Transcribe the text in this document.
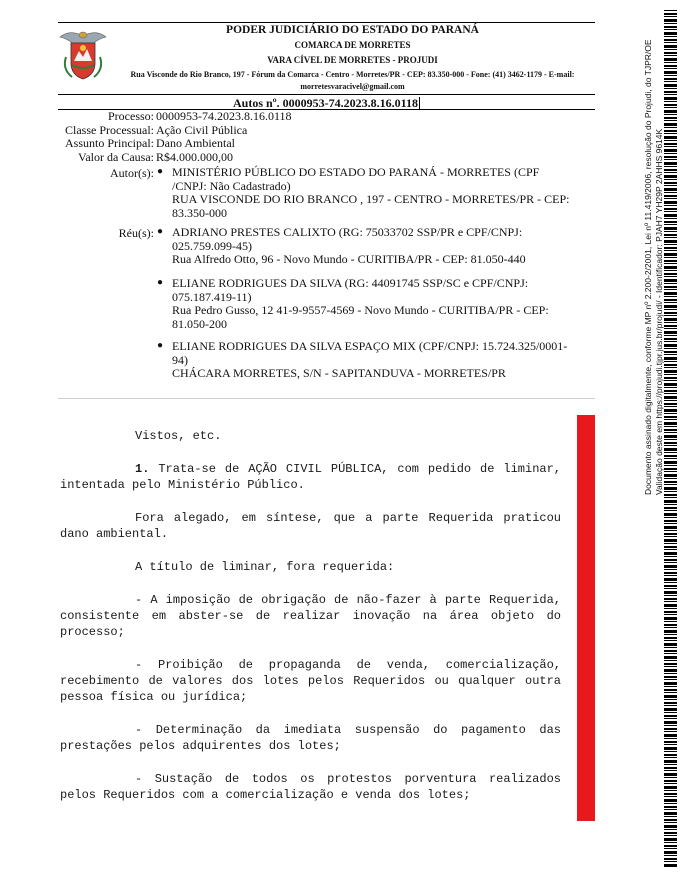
PODER JUDICIÁRIO DO ESTADO DO PARANÁ
COMARCA DE MORRETES
VARA CÍVEL DE MORRETES - PROJUDI
Rua Visconde do Rio Branco, 197 - Fórum da Comarca - Centro - Morretes/PR - CEP: 83.350-000 - Fone: (41) 3462-1179 - E-mail:
morretesvaracivel@gmail.com
Autos nº. 0000953-74.2023.8.16.0118
Processo: 0000953-74.2023.8.16.0118
Classe Processual: Ação Civil Pública
Assunto Principal: Dano Ambiental
Valor da Causa: R$4.000.000,00
Autor(s): ● MINISTÉRIO PÚBLICO DO ESTADO DO PARANÁ - MORRETES (CPF
/CNPJ: Não Cadastrado)
RUA VISCONDE DO RIO BRANCO , 197 - CENTRO - MORRETES/PR - CEP:
83.350-000
Réu(s): ● ADRIANO PRESTES CALIXTO (RG: 75033702 SSP/PR e CPF/CNPJ:
025.759.099-45)
Rua Alfredo Otto, 96 - Novo Mundo - CURITIBA/PR - CEP: 81.050-440
● ELIANE RODRIGUES DA SILVA (RG: 44091745 SSP/SC e CPF/CNPJ:
075.187.419-11)
Rua Pedro Gusso, 12 41-9-9557-4569 - Novo Mundo - CURITIBA/PR - CEP:
81.050-200
● ELIANE RODRIGUES DA SILVA ESPAÇO MIX (CPF/CNPJ: 15.724.325/0001-
94)
CHÁCARA MORRETES, S/N - SAPITANDUVA - MORRETES/PR

Vistos, etc.

1. Trata-se de AÇÃO CIVIL PÚBLICA, com pedido de liminar, intentada pelo Ministério Público.

Fora alegado, em síntese, que a parte Requerida praticou dano ambiental.

A título de liminar, fora requerida:

- A imposição de obrigação de não-fazer à parte Requerida, consistente em abster-se de realizar inovação na área objeto do processo;

- Proibição de propaganda de venda, comercialização, recebimento de valores dos lotes pelos Requeridos ou qualquer outra pessoa física ou jurídica;

- Determinação da imediata suspensão do pagamento das prestações pelos adquirentes dos lotes;

- Sustação de todos os protestos porventura realizados pelos Requeridos com a comercialização e venda dos lotes;

Documento assinado digitalmente, conforme MP nº 2.200-2/2001, Lei nº 11.419/2006, resolução do Projudi, do TJPR/OE Validação deste em https://projudi.tjpr.jus.br/projudi/ - Identificador: PJAH7 YH29P 2AHHS 9614K
